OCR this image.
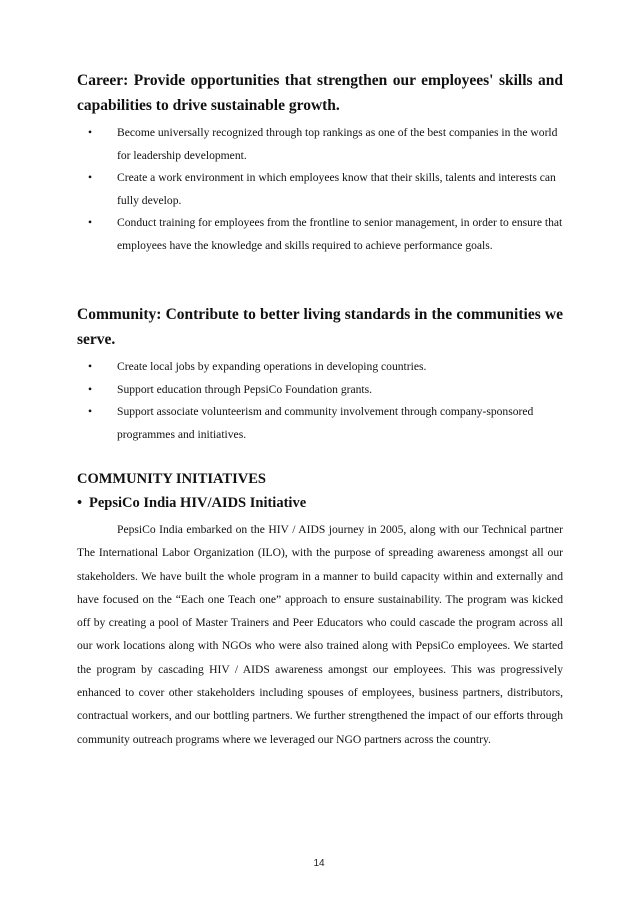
Career: Provide opportunities that strengthen our employees' skills and capabilities to drive sustainable growth.
• Become universally recognized through top rankings as one of the best companies in the world for leadership development.
• Create a work environment in which employees know that their skills, talents and interests can fully develop.
• Conduct training for employees from the frontline to senior management, in order to ensure that employees have the knowledge and skills required to achieve performance goals.
Community: Contribute to better living standards in the communities we serve.
• Create local jobs by expanding operations in developing countries.
• Support education through PepsiCo Foundation grants.
• Support associate volunteerism and community involvement through company-sponsored programmes and initiatives.
COMMUNITY INITIATIVES
• PepsiCo India HIV/AIDS Initiative

PepsiCo India embarked on the HIV / AIDS journey in 2005, along with our Technical partner The International Labor Organization (ILO), with the purpose of spreading awareness amongst all our stakeholders. We have built the whole program in a manner to build capacity within and externally and have focused on the “Each one Teach one” approach to ensure sustainability. The program was kicked off by creating a pool of Master Trainers and Peer Educators who could cascade the program across all our work locations along with NGOs who were also trained along with PepsiCo employees. We started the program by cascading HIV / AIDS awareness amongst our employees. This was progressively enhanced to cover other stakeholders including spouses of employees, business partners, distributors, contractual workers, and our bottling partners. We further strengthened the impact of our efforts through community outreach programs where we leveraged our NGO partners across the country.

14
